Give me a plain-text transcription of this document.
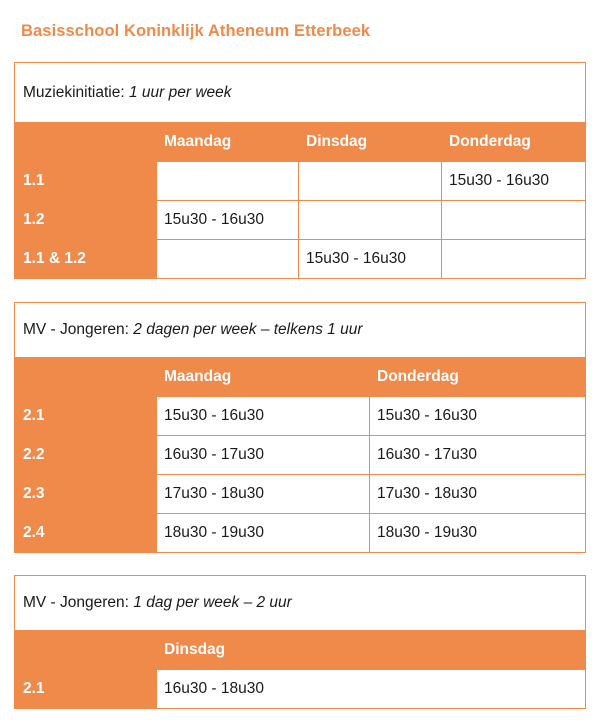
Basisschool Koninklijk Atheneum Etterbeek
Muziekinitiatie: 1 uur per week			
	Maandag	Dinsdag	Donderdag
1.1			15u30 - 16u30
1.2	15u30 - 16u30		
1.1 & 1.2		15u30 - 16u30	
MV - Jongeren: 2 dagen per week – telkens 1 uur		
	Maandag	Donderdag
2.1	15u30 - 16u30	15u30 - 16u30
2.2	16u30 - 17u30	16u30 - 17u30
2.3	17u30 - 18u30	17u30 - 18u30
2.4	18u30 - 19u30	18u30 - 19u30
MV - Jongeren: 1 dag per week – 2 uur	
	Dinsdag
2.1	16u30 - 18u30
